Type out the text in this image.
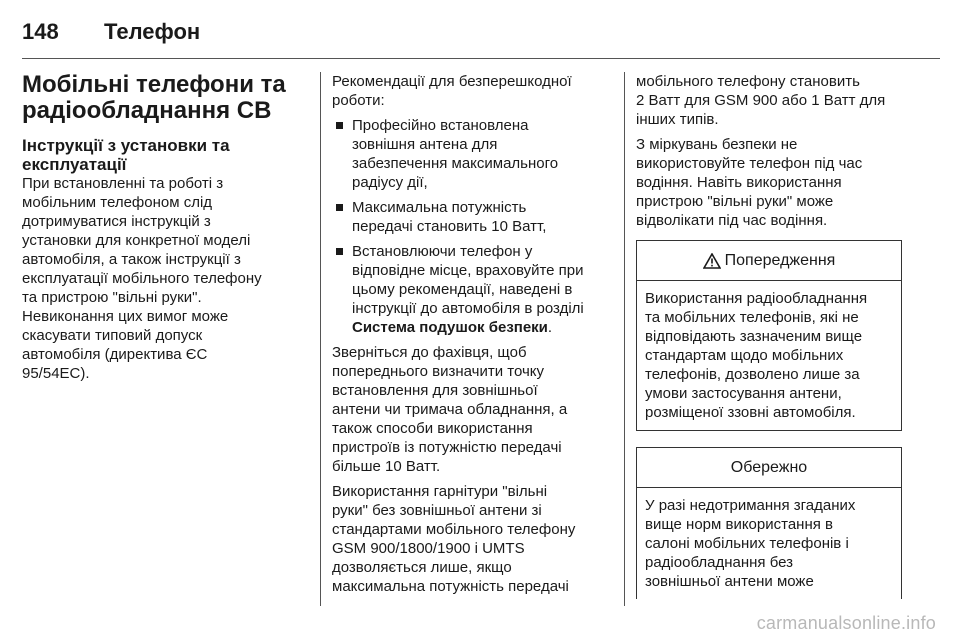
148	Телефон
Мобільні телефони та
радіообладнання СВ
Інструкції з установки та
експлуатації
При встановленні та роботі з
мобільним телефоном слід
дотримуватися інструкцій з
установки для конкретної моделі
автомобіля, а також інструкції з
експлуатації мобільного телефону
та пристрою "вільні руки".
Невиконання цих вимог може
скасувати типовий допуск
автомобіля (директива ЄС
95/54EC).
Рекомендації для безперешкодної
роботи:
Професійно встановлена
зовнішня антена для
забезпечення максимального
радіусу дії,
Максимальна потужність
передачі становить 10 Ватт,
Встановлюючи телефон у
відповідне місце, враховуйте при
цьому рекомендації, наведені в
інструкції до автомобіля в розділі
Система подушок безпеки.
Зверніться до фахівця, щоб
попереднього визначити точку
встановлення для зовнішньої
антени чи тримача обладнання, а
також способи використання
пристроїв із потужністю передачі
більше 10 Ватт.
Використання гарнітури "вільні
руки" без зовнішньої антени зі
стандартами мобільного телефону
GSM 900/1800/1900 і UMTS
дозволяється лише, якщо
максимальна потужність передачі
мобільного телефону становить
2 Ватт для GSM 900 або 1 Ватт для
інших типів.
З міркувань безпеки не
використовуйте телефон під час
водіння. Навіть використання
пристрою "вільні руки" може
відволікати під час водіння.
Попередження
Використання радіообладнання
та мобільних телефонів, які не
відповідають зазначеним вище
стандартам щодо мобільних
телефонів, дозволено лише за
умови застосування антени,
розміщеної ззовні автомобіля.
Обережно
У разі недотримання згаданих
вище норм використання в
салоні мобільних телефонів і
радіообладнання без
зовнішньої антени може
carmanualsonline.info
